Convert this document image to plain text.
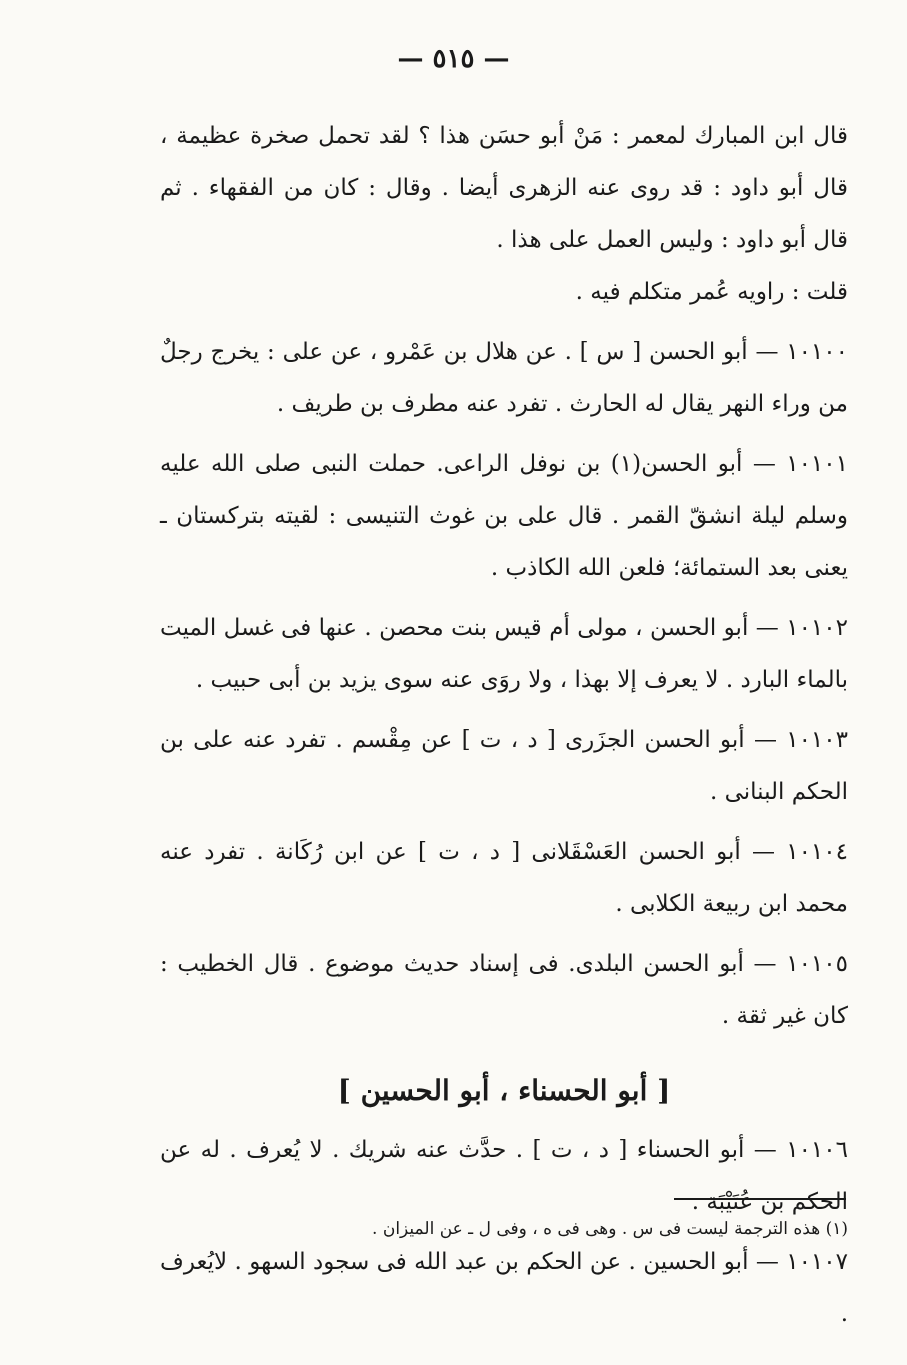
— ٥١٥ —

قال ابن المبارك لمعمر : مَنْ أبو حسَن هذا ؟ لقد تحمل صخرة عظيمة ، قال أبو داود : قد روى عنه الزهرى أيضا . وقال : كان من الفقهاء . ثم قال أبو داود : وليس العمل على هذا .

قلت : راويه عُمر متكلم فيه .

١٠١٠٠ — أبو الحسن [ س ] . عن هلال بن عَمْرو ، عن على : يخرج رجلٌ من وراء النهر يقال له الحارث . تفرد عنه مطرف بن طريف .

١٠١٠١ — أبو الحسن(١) بن نوفل الراعى. حملت النبى صلى الله عليه وسلم ليلة انشقّ القمر . قال على بن غوث التنيسى : لقيته بتركستان ـ يعنى بعد الستمائة؛ فلعن الله الكاذب .

١٠١٠٢ — أبو الحسن ، مولى أم قيس بنت محصن . عنها فى غسل الميت بالماء البارد . لا يعرف إلا بهذا ، ولا روَى عنه سوى يزيد بن أبى حبيب .

١٠١٠٣ — أبو الحسن الجزَرى [ د ، ت ] عن مِقْسم . تفرد عنه على بن الحكم البنانى .

١٠١٠٤ — أبو الحسن العَسْقَلانى [ د ، ت ] عن ابن رُكَانة . تفرد عنه محمد ابن ربيعة الكلابى .

١٠١٠٥ — أبو الحسن البلدى. فى إسناد حديث موضوع . قال الخطيب : كان غير ثقة .

[ أبو الحسناء ، أبو الحسين ]

١٠١٠٦ — أبو الحسناء [ د ، ت ] . حدَّث عنه شريك . لا يُعرف . له عن الحكم بن عُتَيْبَة .

١٠١٠٧ — أبو الحسين . عن الحكم بن عبد الله فى سجود السهو . لايُعرف .

(١) هذه الترجمة ليست فى س . وهى فى ه ، وفى ل ـ عن الميزان .
